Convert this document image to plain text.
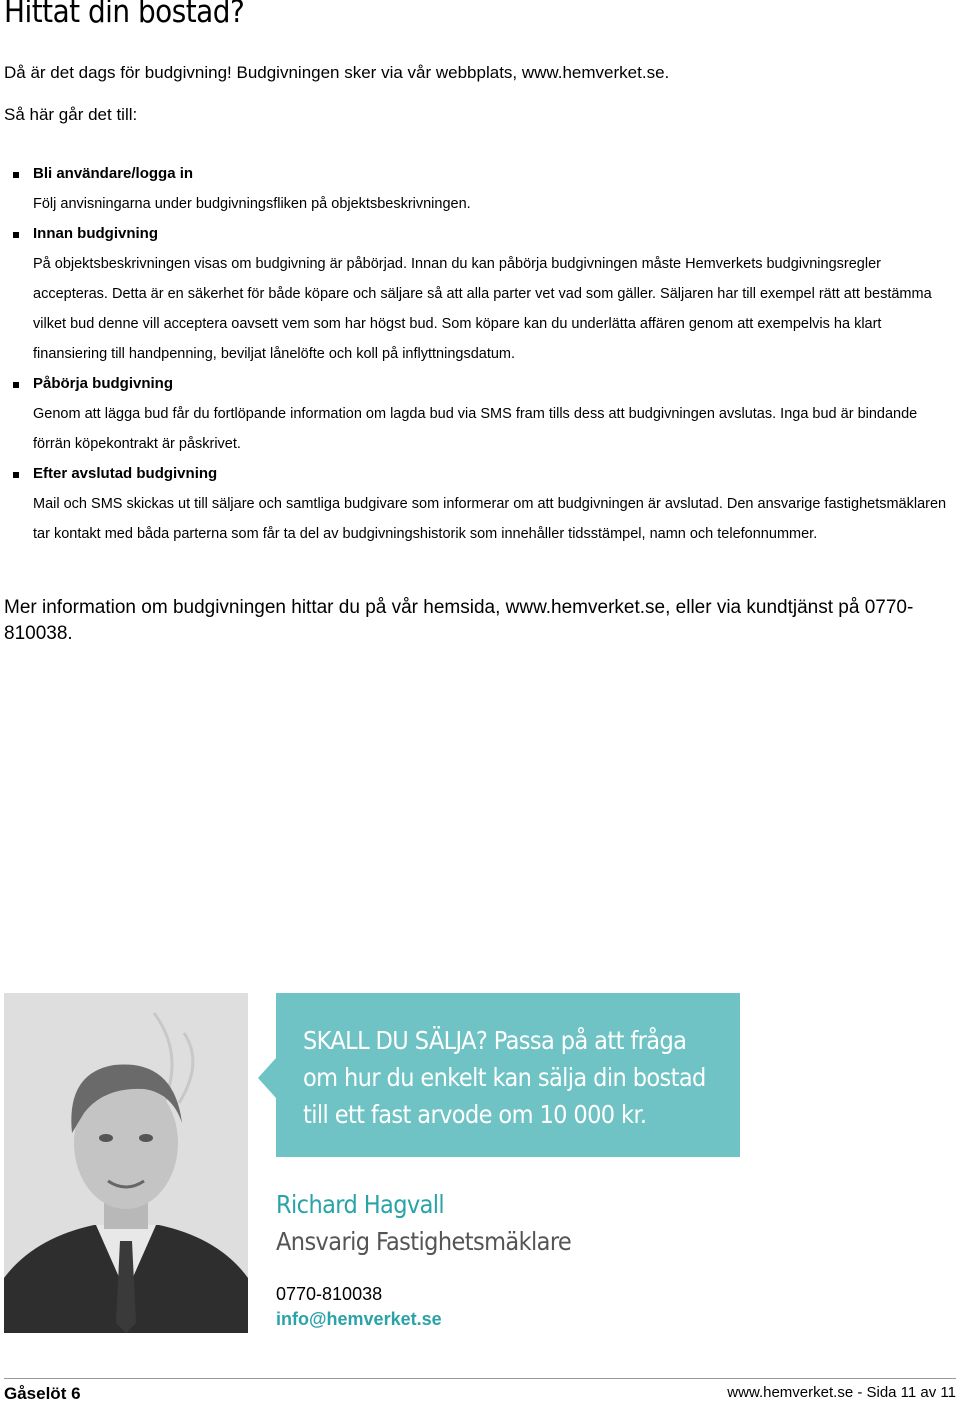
Hittat din bostad?

Då är det dags för budgivning! Budgivningen sker via vår webbplats, www.hemverket.se.

Så här går det till:

Bli användare/logga in

Följ anvisningarna under budgivningsfliken på objektsbeskrivningen.

Innan budgivning

På objektsbeskrivningen visas om budgivning är påbörjad. Innan du kan påbörja budgivningen måste Hemverkets budgivningsregler accepteras. Detta är en säkerhet för både köpare och säljare så att alla parter vet vad som gäller. Säljaren har till exempel rätt att bestämma vilket bud denne vill acceptera oavsett vem som har högst bud. Som köpare kan du underlätta affären genom att exempelvis ha klart finansiering till handpenning, beviljat lånelöfte och koll på inflyttningsdatum.

Påbörja budgivning

Genom att lägga bud får du fortlöpande information om lagda bud via SMS fram tills dess att budgivningen avslutas. Inga bud är bindande förrän köpekontrakt är påskrivet.

Efter avslutad budgivning

Mail och SMS skickas ut till säljare och samtliga budgivare som informerar om att budgivningen är avslutad. Den ansvarige fastighetsmäklaren tar kontakt med båda parterna som får ta del av budgivningshistorik som innehåller tidsstämpel, namn och telefonnummer.

Mer information om budgivningen hittar du på vår hemsida, www.hemverket.se, eller via kundtjänst på 0770-810038.

SKALL DU SÄLJA? Passa på att fråga om hur du enkelt kan sälja din bostad till ett fast arvode om 10 000 kr.

Richard Hagvall

Ansvarig Fastighetsmäklare

0770-810038

info@hemverket.se

Gåselöt 6	www.hemverket.se - Sida 11 av 11
